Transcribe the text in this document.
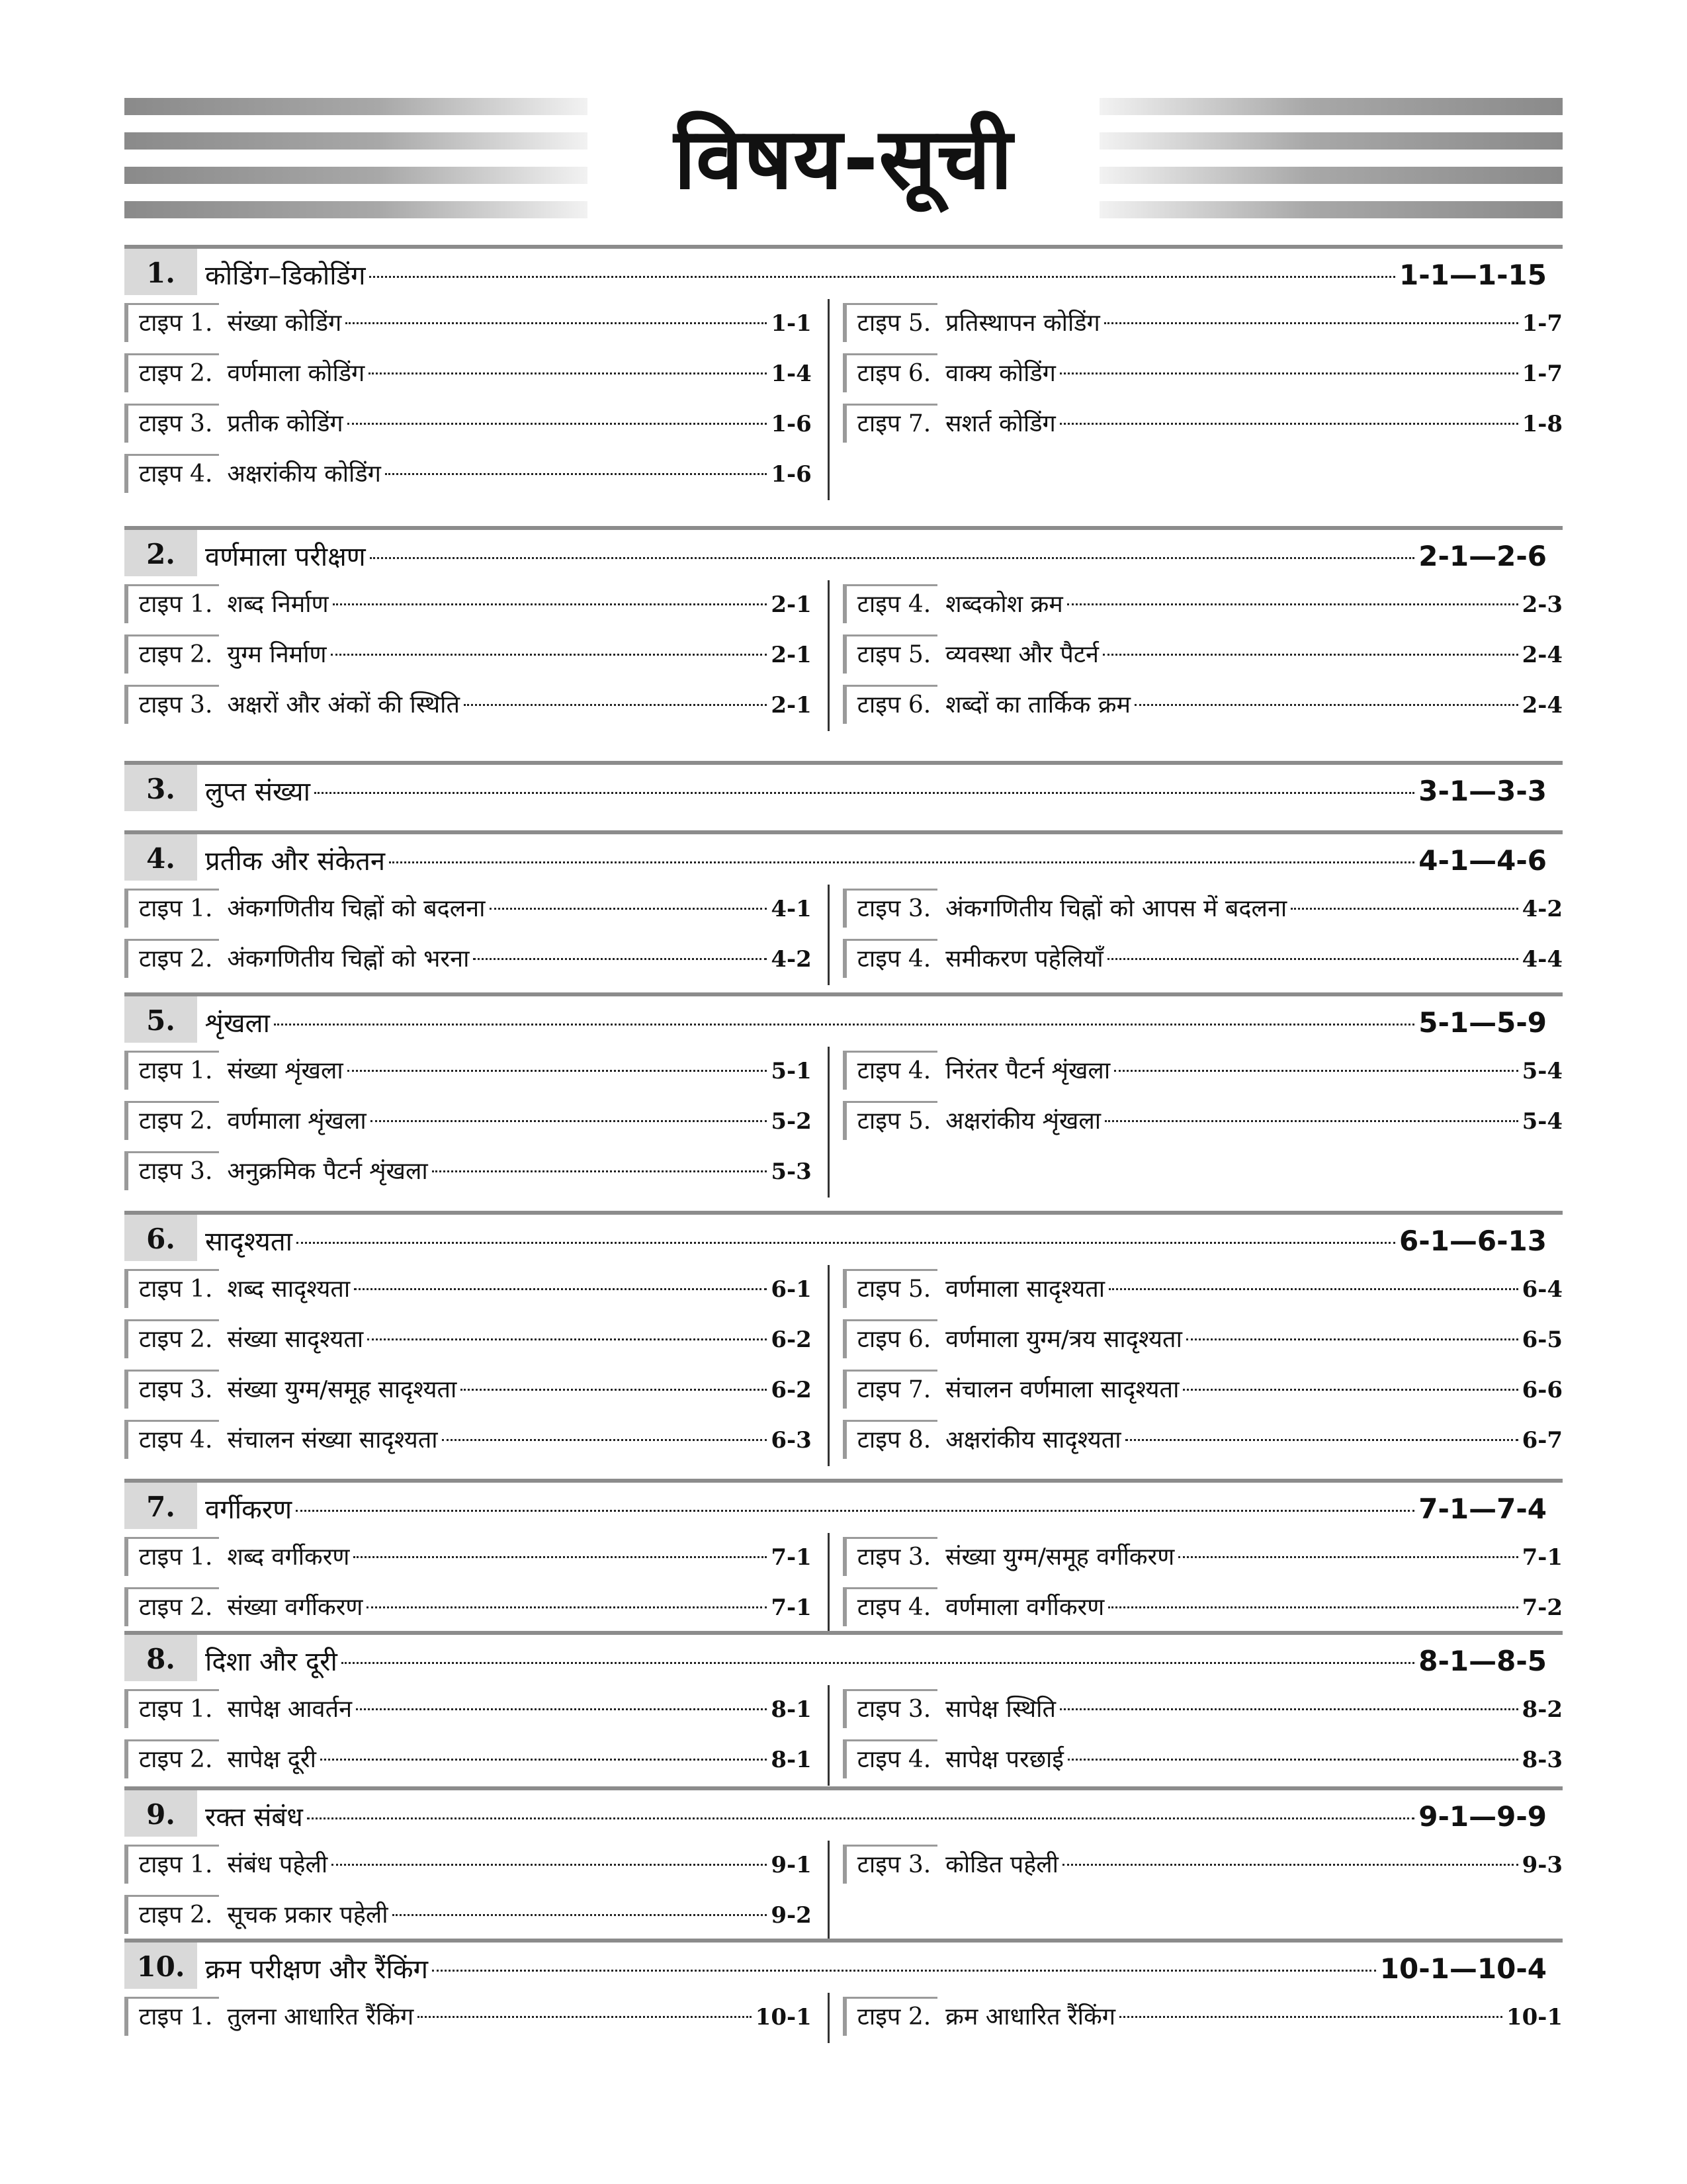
विषय-सूची
1.	कोडिंग–डिकोडिंग	1-1—1-15
टाइप 1. संख्या कोडिंग	1-1
टाइप 2. वर्णमाला कोडिंग	1-4
टाइप 3. प्रतीक कोडिंग	1-6
टाइप 4. अक्षरांकीय कोडिंग	1-6
टाइप 5. प्रतिस्थापन कोडिंग	1-7
टाइप 6. वाक्य कोडिंग	1-7
टाइप 7. सशर्त कोडिंग	1-8
2.	वर्णमाला परीक्षण	2-1—2-6
टाइप 1. शब्द निर्माण	2-1
टाइप 2. युग्म निर्माण	2-1
टाइप 3. अक्षरों और अंकों की स्थिति	2-1
टाइप 4. शब्दकोश क्रम	2-3
टाइप 5. व्यवस्था और पैटर्न	2-4
टाइप 6. शब्दों का तार्किक क्रम	2-4
3.	लुप्त संख्या	3-1—3-3
4.	प्रतीक और संकेतन	4-1—4-6
टाइप 1. अंकगणितीय चिह्नों को बदलना	4-1
टाइप 2. अंकगणितीय चिह्नों को भरना	4-2
टाइप 3. अंकगणितीय चिह्नों को आपस में बदलना	4-2
टाइप 4. समीकरण पहेलियाँ	4-4
5.	शृंखला	5-1—5-9
टाइप 1. संख्या शृंखला	5-1
टाइप 2. वर्णमाला शृंखला	5-2
टाइप 3. अनुक्रमिक पैटर्न शृंखला	5-3
टाइप 4. निरंतर पैटर्न शृंखला	5-4
टाइप 5. अक्षरांकीय शृंखला	5-4
6.	सादृश्यता	6-1—6-13
टाइप 1. शब्द सादृश्यता	6-1
टाइप 2. संख्या सादृश्यता	6-2
टाइप 3. संख्या युग्म/समूह सादृश्यता	6-2
टाइप 4. संचालन संख्या सादृश्यता	6-3
टाइप 5. वर्णमाला सादृश्यता	6-4
टाइप 6. वर्णमाला युग्म/त्रय सादृश्यता	6-5
टाइप 7. संचालन वर्णमाला सादृश्यता	6-6
टाइप 8. अक्षरांकीय सादृश्यता	6-7
7.	वर्गीकरण	7-1—7-4
टाइप 1. शब्द वर्गीकरण	7-1
टाइप 2. संख्या वर्गीकरण	7-1
टाइप 3. संख्या युग्म/समूह वर्गीकरण	7-1
टाइप 4. वर्णमाला वर्गीकरण	7-2
8.	दिशा और दूरी	8-1—8-5
टाइप 1. सापेक्ष आवर्तन	8-1
टाइप 2. सापेक्ष दूरी	8-1
टाइप 3. सापेक्ष स्थिति	8-2
टाइप 4. सापेक्ष परछाई	8-3
9.	रक्त संबंध	9-1—9-9
टाइप 1. संबंध पहेली	9-1
टाइप 2. सूचक प्रकार पहेली	9-2
टाइप 3. कोडित पहेली	9-3
10. क्रम परीक्षण और रैंकिंग	10-1—10-4
टाइप 1. तुलना आधारित रैंकिंग	10-1	टाइप 2. क्रम आधारित रैंकिंग	10-1
